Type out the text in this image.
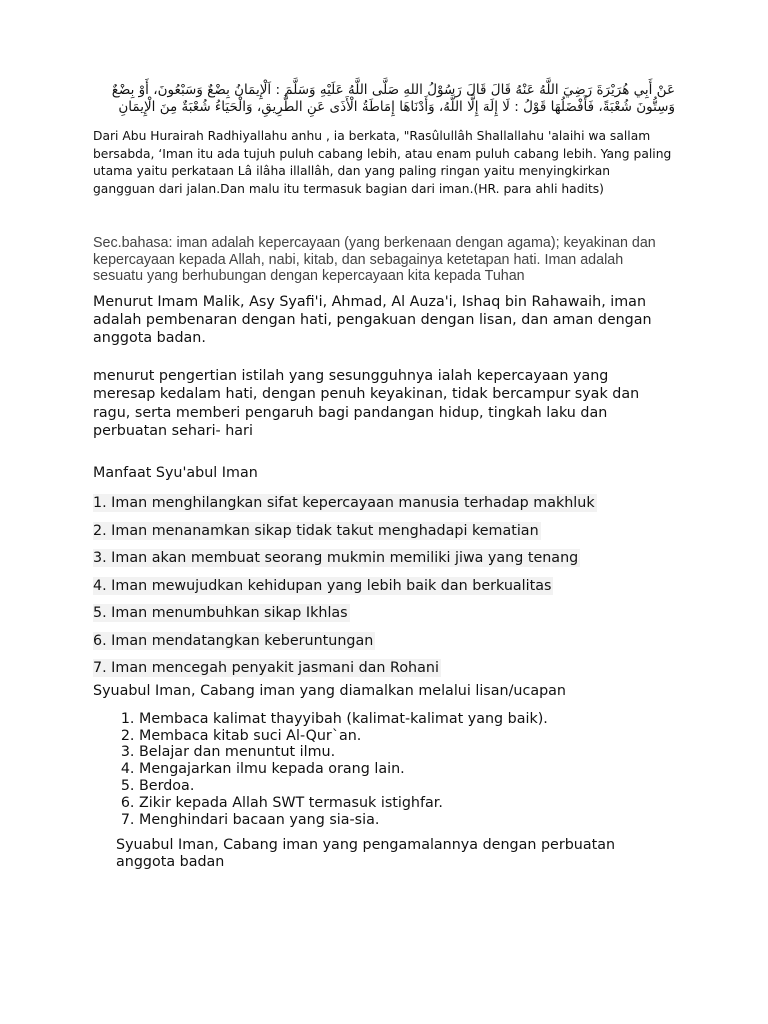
عَنْ أَبِي هُرَيْرَةَ رَضِيَ اللَّهُ عَنْهُ قَالَ قَالَ رَسُوْلُ اللهِ صَلَّى اللَّهُ عَلَيْهِ وَسَلَّمَ : اَلْإِيمَانُ بِضْعٌ وَسَبْعُونَ، أَوْ بِضْعٌ وَسِتُّونَ شُعْبَةً، فَأَفْضَلُهَا قَوْلُ : لَا إِلَهَ إِلَّا اللَّهُ، وَأَدْنَاهَا إِمَاطَةُ الْأَذَى عَنِ الطَّرِيقِ، وَالْحَيَاءُ شُعْبَةٌ مِنَ الْإِيمَانِ

Dari Abu Hurairah Radhiyallahu anhu , ia berkata, "Rasûlullâh Shallallahu 'alaihi wa sallam bersabda, ‘Iman itu ada tujuh puluh cabang lebih, atau enam puluh cabang lebih. Yang paling utama yaitu perkataan Lâ ilâha illallâh, dan yang paling ringan yaitu menyingkirkan gangguan dari jalan.Dan malu itu termasuk bagian dari iman.(HR. para ahli hadits)

Sec.bahasa: iman adalah kepercayaan (yang berkenaan dengan agama); keyakinan dan kepercayaan kepada Allah, nabi, kitab, dan sebagainya ketetapan hati. Iman adalah sesuatu yang berhubungan dengan kepercayaan kita kepada Tuhan

Menurut Imam Malik, Asy Syafi'i, Ahmad, Al Auza'i, Ishaq bin Rahawaih, iman adalah pembenaran dengan hati, pengakuan dengan lisan, dan aman dengan anggota badan.

menurut pengertian istilah yang sesungguhnya ialah kepercayaan yang meresap kedalam hati, dengan penuh keyakinan, tidak bercampur syak dan ragu, serta memberi pengaruh bagi pandangan hidup, tingkah laku dan perbuatan sehari- hari

Manfaat Syu'abul Iman

1. Iman menghilangkan sifat kepercayaan manusia terhadap makhluk
2. Iman menanamkan sikap tidak takut menghadapi kematian
3. Iman akan membuat seorang mukmin memiliki jiwa yang tenang
4. Iman mewujudkan kehidupan yang lebih baik dan berkualitas
5. Iman menumbuhkan sikap Ikhlas
6. Iman mendatangkan keberuntungan
7. Iman mencegah penyakit jasmani dan Rohani

Syuabul Iman, Cabang iman yang diamalkan melalui lisan/ucapan

1. Membaca kalimat thayyibah (kalimat-kalimat yang baik).
2. Membaca kitab suci Al-Qur`an.
3. Belajar dan menuntut ilmu.
4. Mengajarkan ilmu kepada orang lain.
5. Berdoa.
6. Zikir kepada Allah SWT termasuk istighfar.
7. Menghindari bacaan yang sia-sia.

Syuabul Iman, Cabang iman yang pengamalannya dengan perbuatan anggota badan
